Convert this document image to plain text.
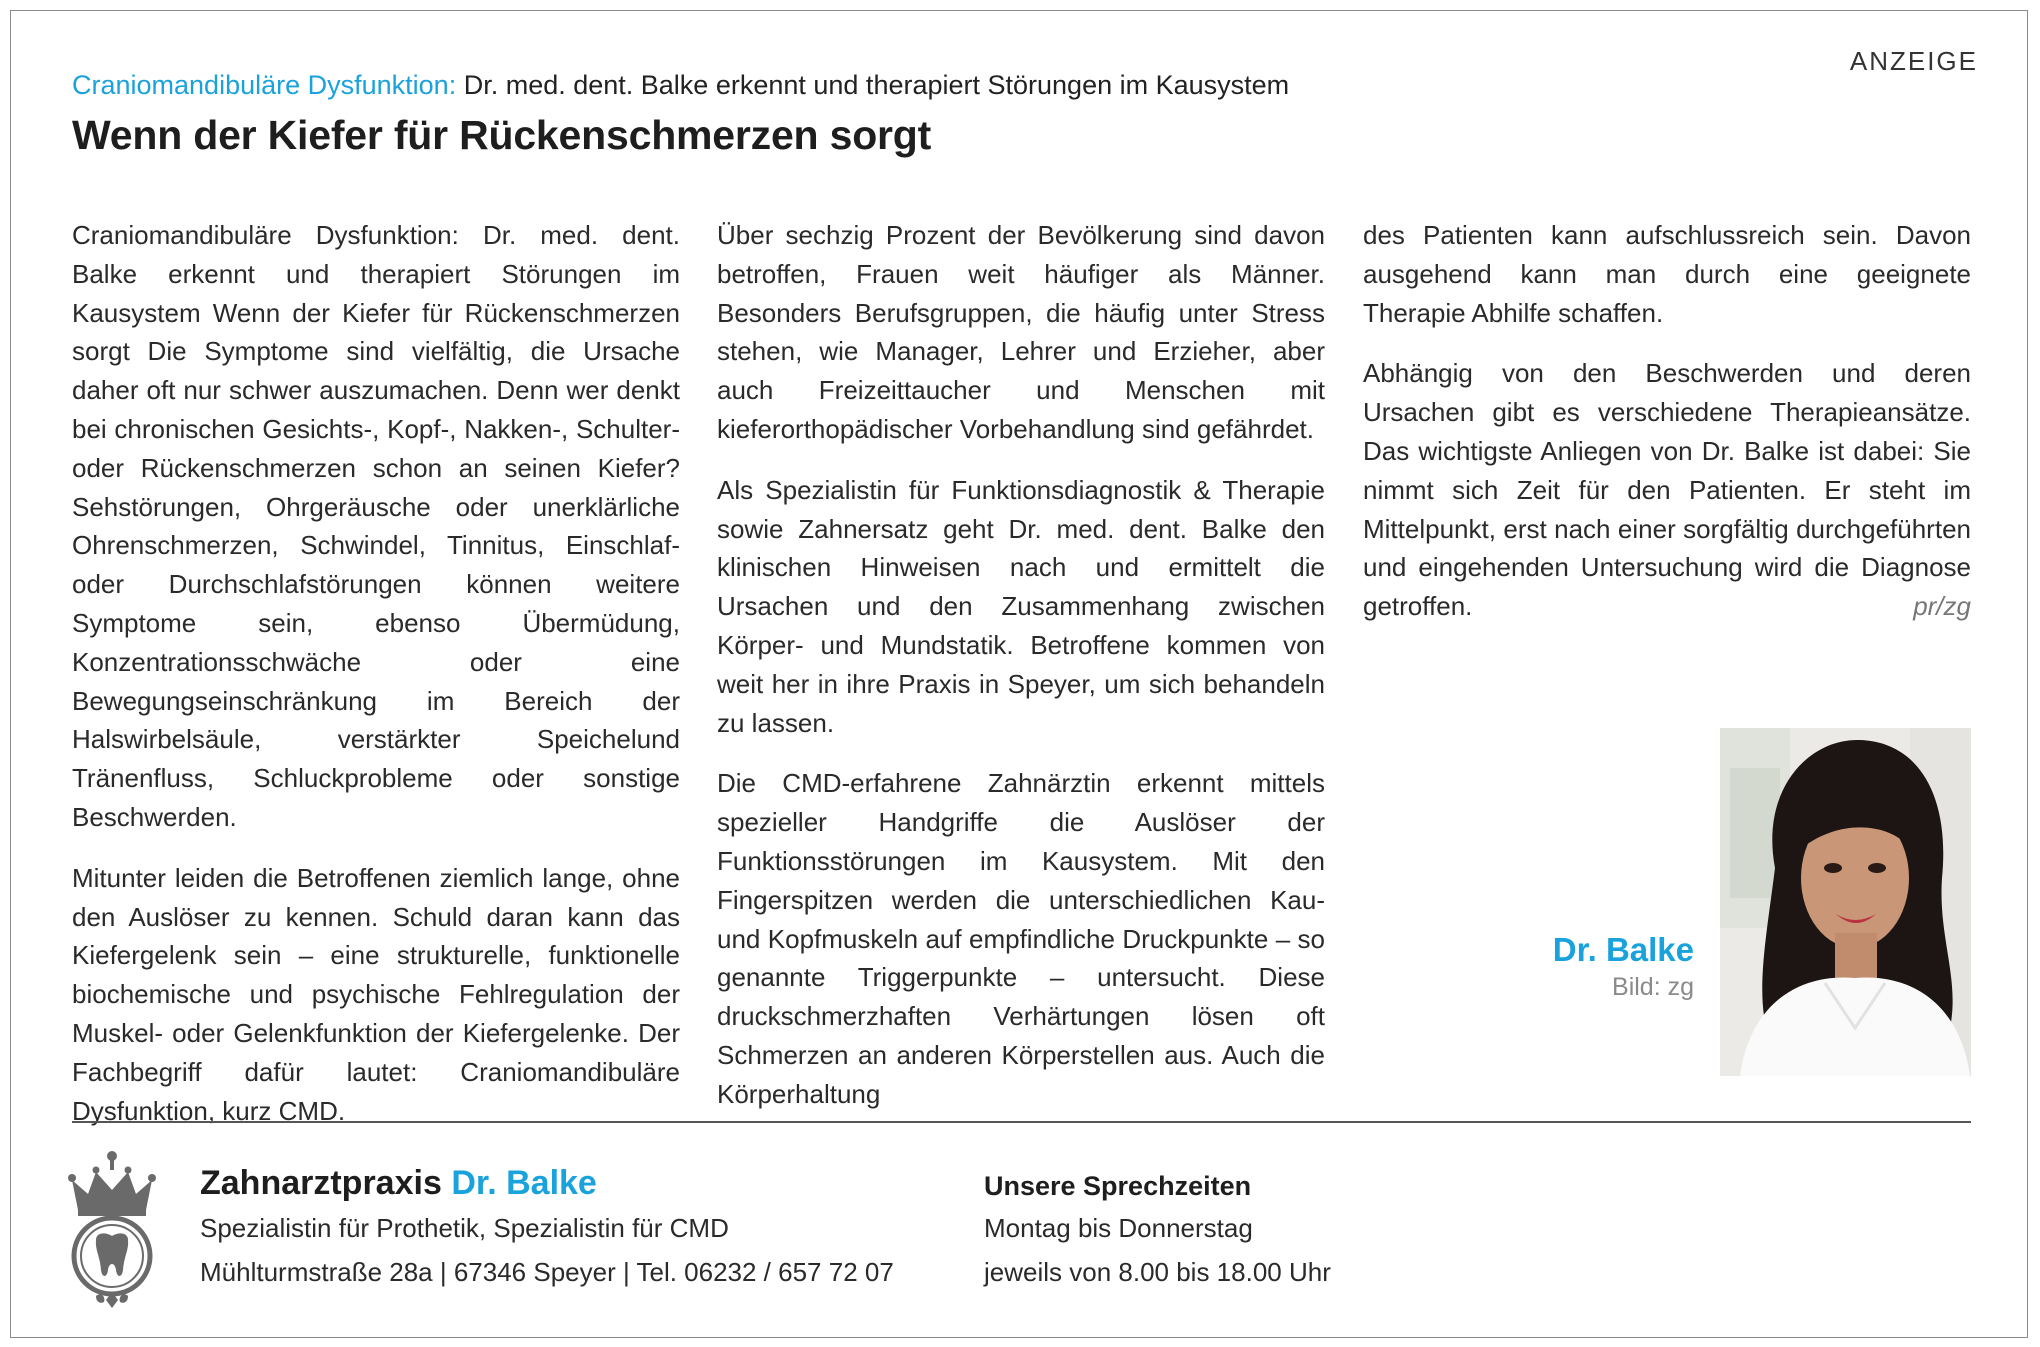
ANZEIGE
Craniomandibuläre Dysfunktion: Dr. med. dent. Balke erkennt und therapiert Störungen im Kausystem
Wenn der Kiefer für Rückenschmerzen sorgt

Craniomandibuläre Dysfunktion: Dr. med. dent. Balke erkennt und therapiert Störungen im Kausystem Wenn der Kiefer für Rückenschmerzen sorgt Die Symptome sind vielfältig, die Ursache daher oft nur schwer auszumachen. Denn wer denkt bei chronischen Gesichts-, Kopf-, Nakken-, Schulter- oder Rückenschmerzen schon an seinen Kiefer? Sehstörungen, Ohrgeräusche oder unerklärliche Ohrenschmerzen, Schwindel, Tinnitus, Einschlaf- oder Durchschlafstörungen können weitere Symptome sein, ebenso Übermüdung, Konzentrationsschwäche oder eine Bewegungseinschränkung im Bereich der Halswirbelsäule, verstärkter Speichelund Tränenfluss, Schluckprobleme oder sonstige Beschwerden.

Mitunter leiden die Betroffenen ziemlich lange, ohne den Auslöser zu kennen. Schuld daran kann das Kiefergelenk sein – eine strukturelle, funktionelle biochemische und psychische Fehlregulation der Muskel- oder Gelenkfunktion der Kiefergelenke. Der Fachbegriff dafür lautet: Craniomandibuläre Dysfunktion, kurz CMD.

Über sechzig Prozent der Bevölkerung sind davon betroffen, Frauen weit häufiger als Männer. Besonders Berufsgruppen, die häufig unter Stress stehen, wie Manager, Lehrer und Erzieher, aber auch Freizeittaucher und Menschen mit kieferorthopädischer Vorbehandlung sind gefährdet.

Als Spezialistin für Funktionsdiagnostik & Therapie sowie Zahnersatz geht Dr. med. dent. Balke den klinischen Hinweisen nach und ermittelt die Ursachen und den Zusammenhang zwischen Körper- und Mundstatik. Betroffene kommen von weit her in ihre Praxis in Speyer, um sich behandeln zu lassen.

Die CMD-erfahrene Zahnärztin erkennt mittels spezieller Handgriffe die Auslöser der Funktionsstörungen im Kausystem. Mit den Fingerspitzen werden die unterschiedlichen Kau- und Kopfmuskeln auf empfindliche Druckpunkte – so genannte Triggerpunkte – untersucht. Diese druckschmerzhaften Verhärtungen lösen oft Schmerzen an anderen Körperstellen aus. Auch die Körperhaltung

des Patienten kann aufschlussreich sein. Davon ausgehend kann man durch eine geeignete Therapie Abhilfe schaffen.

Abhängig von den Beschwerden und deren Ursachen gibt es verschiedene Therapieansätze. Das wichtigste Anliegen von Dr. Balke ist dabei: Sie nimmt sich Zeit für den Patienten. Er steht im Mittelpunkt, erst nach einer sorgfältig durchgeführten und eingehenden Untersuchung wird die Diagnose getroffen.	pr/zg

Dr. Balke
Bild: zg
Zahnarztpraxis Dr. Balke
Spezialistin für Prothetik, Spezialistin für CMD
Mühlturmstraße 28a | 67346 Speyer | Tel. 06232 / 657 72 07
Unsere Sprechzeiten
Montag bis Donnerstag
jeweils von 8.00 bis 18.00 Uhr
